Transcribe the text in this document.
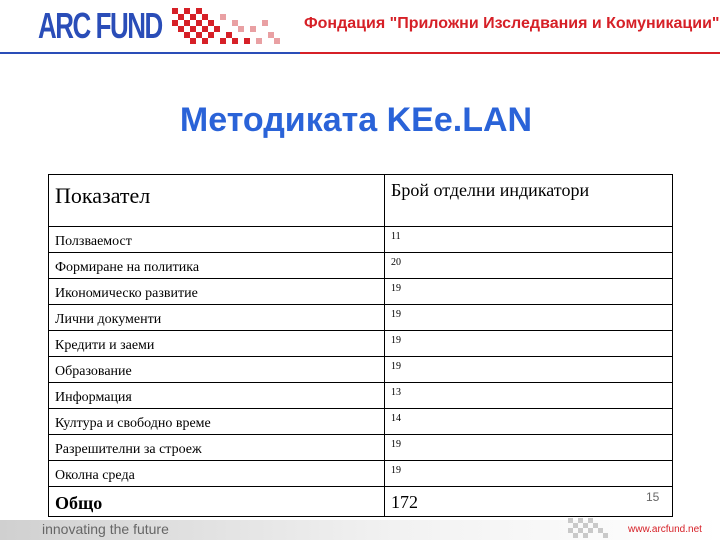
ARC FUND	Фондация "Приложни Изследвания и Комуникации"
Методиката KEe.LAN
Показател	Брой отделни индикатори
Ползваемост	11
Формиране на политика	20
Икономическо развитие	19
Лични документи	19
Кредити и заеми	19
Образование	19
Информация	13
Култура и свободно време	14
Разрешителни за строеж	19
Околна среда	19
Общо	172	15
innovating the future	www.arcfund.net
